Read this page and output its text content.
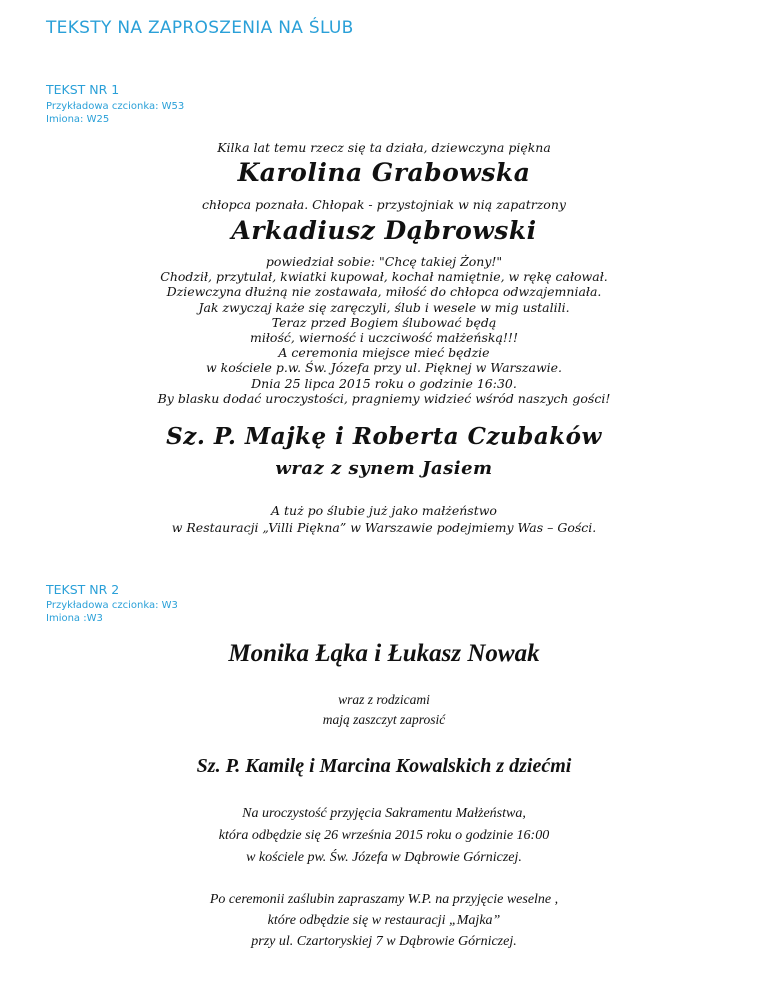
TEKSTY NA ZAPROSZENIA NA ŚLUB
TEKST NR 1
Przykładowa czcionka: W53
Imiona: W25
Kilka lat temu rzecz się ta działa, dziewczyna piękna
Karolina Grabowska
chłopca poznała. Chłopak - przystojniak w nią zapatrzony
Arkadiusz Dąbrowski
powiedział sobie: "Chcę takiej Żony!"
Chodził, przytulał, kwiatki kupował, kochał namiętnie, w rękę całował.
Dziewczyna dłużną nie zostawała, miłość do chłopca odwzajemniała.
Jak zwyczaj każe się zaręczyli, ślub i wesele w mig ustalili.
Teraz przed Bogiem ślubować będą
miłość, wierność i uczciwość małżeńską!!!
A ceremonia miejsce mieć będzie
w kościele p.w. Św. Józefa przy ul. Pięknej w Warszawie.
Dnia 25 lipca 2015 roku o godzinie 16:30.
By blasku dodać uroczystości, pragniemy widzieć wśród naszych gości!
Sz. P. Majkę i Roberta Czubaków
wraz z synem Jasiem
A tuż po ślubie już jako małżeństwo
w Restauracji „Villi Piękna” w Warszawie podejmiemy Was – Gości.
TEKST NR 2
Przykładowa czcionka: W3
Imiona :W3
Monika Łąka i Łukasz Nowak
wraz z rodzicami
mają zaszczyt zaprosić
Sz. P. Kamilę i Marcina Kowalskich z dziećmi
Na uroczystość przyjęcia Sakramentu Małżeństwa,
która odbędzie się 26 września 2015 roku o godzinie 16:00
w kościele pw. Św. Józefa w Dąbrowie Górniczej.
Po ceremonii zaślubin zapraszamy W.P. na przyjęcie weselne ,
które odbędzie się w restauracji „Majka”
przy ul. Czartoryskiej 7 w Dąbrowie Górniczej.
